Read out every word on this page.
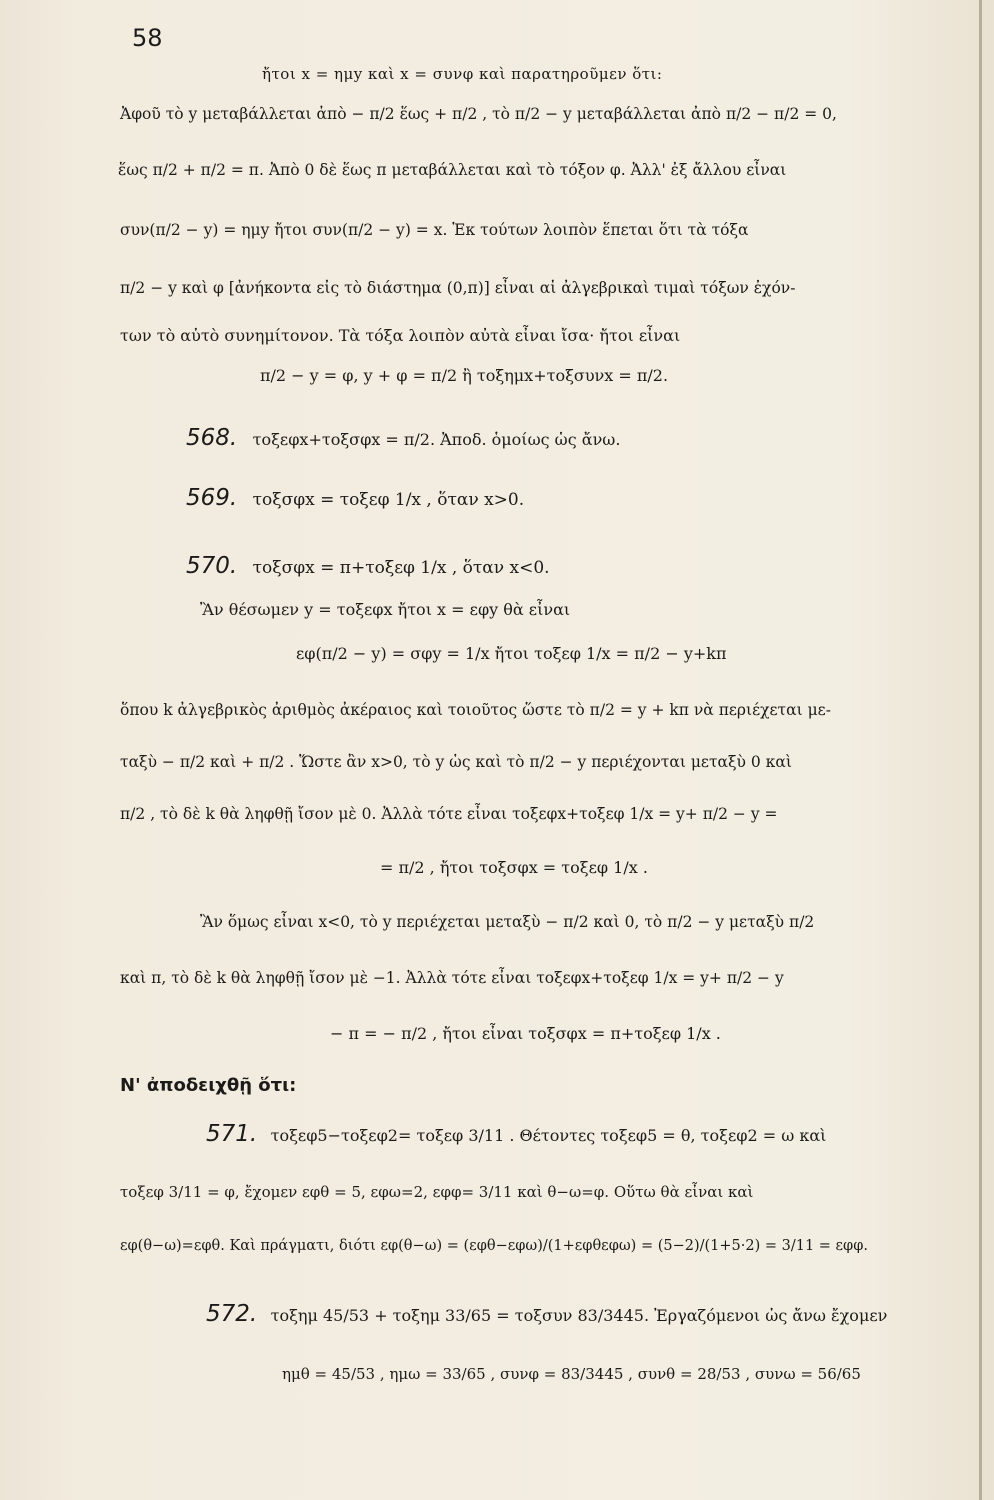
58
ἤτοι x = ημy καὶ x = συνφ καὶ παρατηροῦμεν ὅτι:
Ἀφοῦ τὸ y μεταβάλλεται ἀπὸ − π/2 ἕως + π/2 , τὸ π/2 − y μεταβάλλεται ἀπὸ π/2 − π/2 = 0,
ἕως π/2 + π/2 = π. Ἀπὸ 0 δὲ ἕως π μεταβάλλεται καὶ τὸ τόξον φ. Ἀλλ' ἐξ ἄλλου εἶναι
συν(π/2 − y) = ημy ἤτοι συν(π/2 − y) = x. Ἐκ τούτων λοιπὸν ἕπεται ὅτι τὰ τόξα
π/2 − y καὶ φ [ἀνήκοντα εἰς τὸ διάστημα (0,π)] εἶναι αἱ ἀλγεβρικαὶ τιμαὶ τόξων ἐχόν-
των τὸ αὐτὸ συνημίτονον. Τὰ τόξα λοιπὸν αὐτὰ εἶναι ἴσα· ἤτοι εἶναι
π/2 − y = φ, y + φ = π/2 ἢ τοξημx+τοξσυνx = π/2.
568. τοξεφx+τοξσφx = π/2. Ἀποδ. ὁμοίως ὡς ἄνω.
569. τοξσφx = τοξεφ 1/x , ὅταν x>0.
570. τοξσφx = π+τοξεφ 1/x , ὅταν x<0.
Ἂν θέσωμεν y = τοξεφx ἤτοι x = εφy θὰ εἶναι
εφ(π/2 − y) = σφy = 1/x ἤτοι τοξεφ 1/x = π/2 − y+kπ
ὅπου k ἀλγεβρικὸς ἀριθμὸς ἀκέραιος καὶ τοιοῦτος ὥστε τὸ π/2 = y + kπ νὰ περιέχεται με-
ταξὺ − π/2 καὶ + π/2 . Ὥστε ἂν x>0, τὸ y ὡς καὶ τὸ π/2 − y περιέχονται μεταξὺ 0 καὶ
π/2 , τὸ δὲ k θὰ ληφθῇ ἴσον μὲ 0. Ἀλλὰ τότε εἶναι τοξεφx+τοξεφ 1/x = y+ π/2 − y =
= π/2 , ἤτοι τοξσφx = τοξεφ 1/x .
Ἂν ὅμως εἶναι x<0, τὸ y περιέχεται μεταξὺ − π/2 καὶ 0, τὸ π/2 − y μεταξὺ π/2
καὶ π, τὸ δὲ k θὰ ληφθῇ ἴσον μὲ −1. Ἀλλὰ τότε εἶναι τοξεφx+τοξεφ 1/x = y+ π/2 − y
− π = − π/2 , ἤτοι εἶναι τοξσφx = π+τοξεφ 1/x .
Ν' ἀποδειχθῇ ὅτι:
571. τοξεφ5−τοξεφ2= τοξεφ 3/11 . Θέτοντες τοξεφ5 = θ, τοξεφ2 = ω καὶ
τοξεφ 3/11 = φ, ἔχομεν εφθ = 5, εφω=2, εφφ= 3/11 καὶ θ−ω=φ. Οὕτω θὰ εἶναι καὶ
εφ(θ−ω)=εφθ. Καὶ πράγματι, διότι εφ(θ−ω) = (εφθ−εφω)/(1+εφθεφω) = (5−2)/(1+5·2) = 3/11 = εφφ.
572. τοξημ 45/53 + τοξημ 33/65 = τοξσυν 83/3445. Ἐργαζόμενοι ὡς ἄνω ἔχομεν
ημθ = 45/53 , ημω = 33/65 , συνφ = 83/3445 , συνθ = 28/53 , συνω = 56/65
